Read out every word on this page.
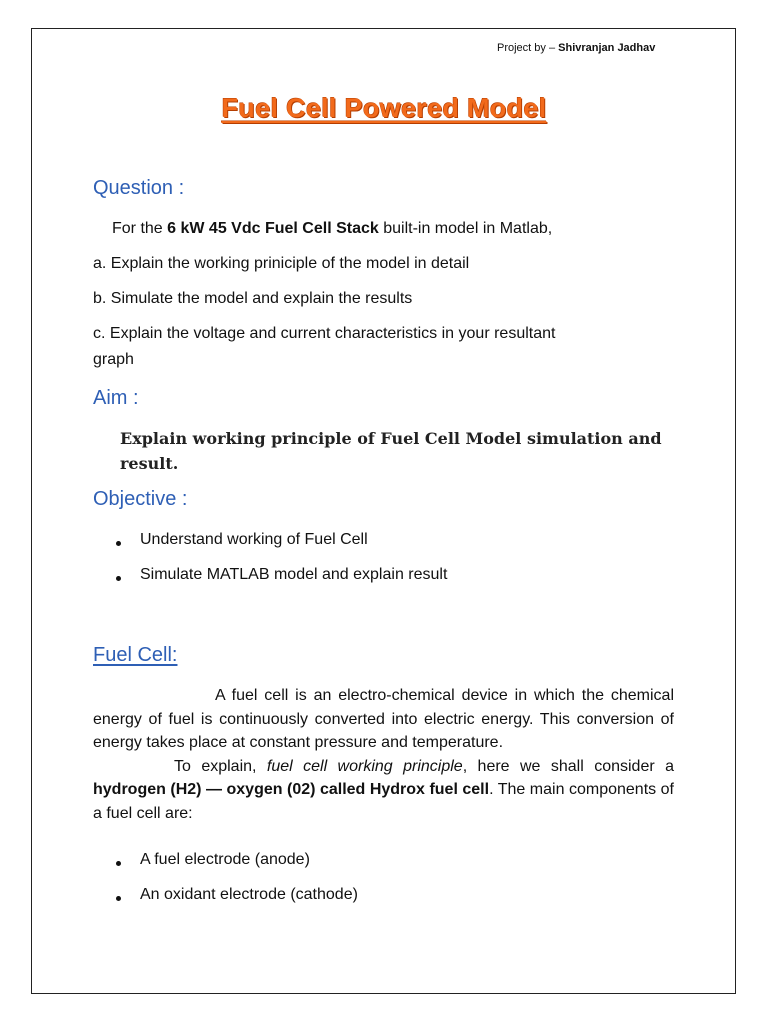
Project by – Shivranjan Jadhav
Fuel Cell Powered Model
Question :
For the 6 kW 45 Vdc Fuel Cell Stack built-in model in Matlab,
a. Explain the working priniciple of the model in detail
b. Simulate the model and explain the results
c. Explain the voltage and current characteristics in your resultant
graph
Aim :
Explain working principle of Fuel Cell Model simulation and result.
Objective :
Understand working of Fuel Cell
Simulate MATLAB model and explain result
Fuel Cell:

A fuel cell is an electro-chemical device in which the chemical energy of fuel is continuously converted into electric energy. This conversion of energy takes place at constant pressure and temperature.

To explain, fuel cell working principle, here we shall consider a hydrogen (H2) — oxygen (02) called Hydrox fuel cell. The main components of a fuel cell are:

A fuel electrode (anode)
An oxidant electrode (cathode)
